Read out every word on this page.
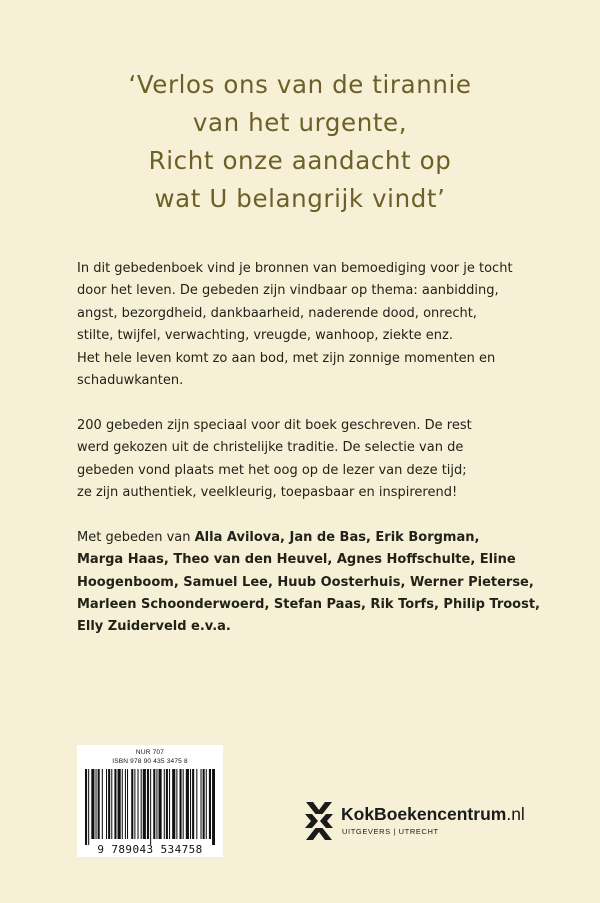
‘Verlos ons van de tirannie
van het urgente,
Richt onze aandacht op
wat U belangrijk vindt’

In dit gebedenboek vind je bronnen van bemoediging voor je tocht
door het leven. De gebeden zijn vindbaar op thema: aanbidding,
angst, bezorgdheid, dankbaarheid, naderende dood, onrecht,
stilte, twijfel, verwachting, vreugde, wanhoop, ziekte enz.
Het hele leven komt zo aan bod, met zijn zonnige momenten en
schaduwkanten.

200 gebeden zijn speciaal voor dit boek geschreven. De rest
werd gekozen uit de christelijke traditie. De selectie van de
gebeden vond plaats met het oog op de lezer van deze tijd;
ze zijn authentiek, veelkleurig, toepasbaar en inspirerend!

Met gebeden van Alla Avilova, Jan de Bas, Erik Borgman,
Marga Haas, Theo van den Heuvel, Agnes Hoffschulte, Eline
Hoogenboom, Samuel Lee, Huub Oosterhuis, Werner Pieterse,
Marleen Schoonderwoerd, Stefan Paas, Rik Torfs, Philip Troost,
Elly Zuiderveld e.v.a.

NUR 707
ISBN 978 90 435 3475 8
9 789043 534758
KokBoekencentrum.nl
UITGEVERS | UTRECHT
